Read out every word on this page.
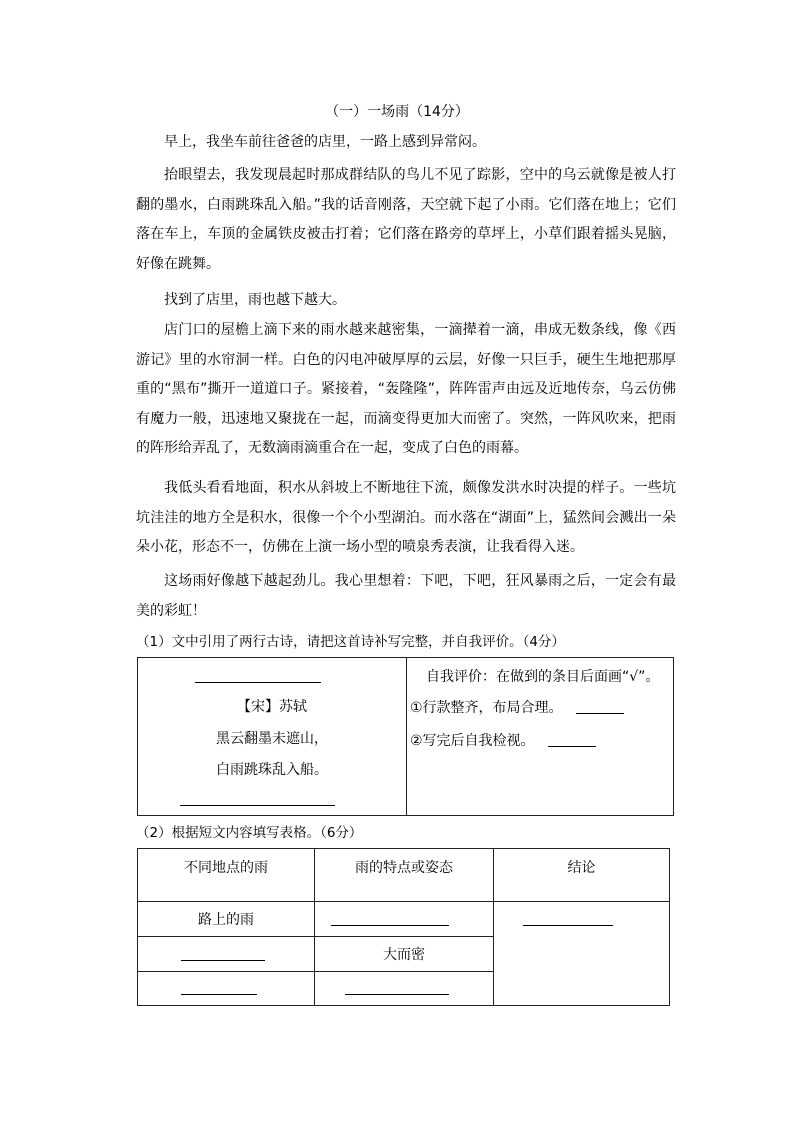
（一）一场雨（14分）

早上，我坐车前往爸爸的店里，一路上感到异常闷。

抬眼望去，我发现晨起时那成群结队的鸟儿不见了踪影，空中的乌云就像是被人打翻的墨水，白雨跳珠乱入船。”我的话音刚落，天空就下起了小雨。它们落在地上；它们落在车上，车顶的金属铁皮被击打着；它们落在路旁的草坪上，小草们跟着摇头晃脑，好像在跳舞。

找到了店里，雨也越下越大。

店门口的屋檐上滴下来的雨水越来越密集，一滴撵着一滴，串成无数条线，像《西游记》里的水帘洞一样。白色的闪电冲破厚厚的云层，好像一只巨手，硬生生地把那厚重的“黑布”撕开一道道口子。紧接着，“轰隆隆”，阵阵雷声由远及近地传奈，乌云仿佛有魔力一般，迅速地又聚拢在一起，而滴变得更加大而密了。突然，一阵风吹来，把雨的阵形给弄乱了，无数滴雨滴重合在一起，变成了白色的雨幕。

我低头看看地面，积水从斜坡上不断地往下流，颇像发洪水时决提的样子。一些坑坑洼洼的地方全是积水，很像一个个小型湖泊。而水落在“湖面”上，猛然间会溅出一朵朵小花，形态不一，仿佛在上演一场小型的喷泉秀表演，让我看得入迷。

这场雨好像越下越起劲儿。我心里想着：下吧，下吧，狂风暴雨之后，一定会有最美的彩虹！

（1）文中引用了两行古诗，请把这首诗补写完整，并自我评价。（4分）
【宋】苏轼
黑云翻墨未遮山，
白雨跳珠乱入船。
自我评价：在做到的条目后面画“√”。
①行款整齐，布局合理。
②写完后自我检视。
（2）根据短文内容填写表格。（6分）
不同地点的雨	雨的特点或姿态	结论
路上的雨
大而密
